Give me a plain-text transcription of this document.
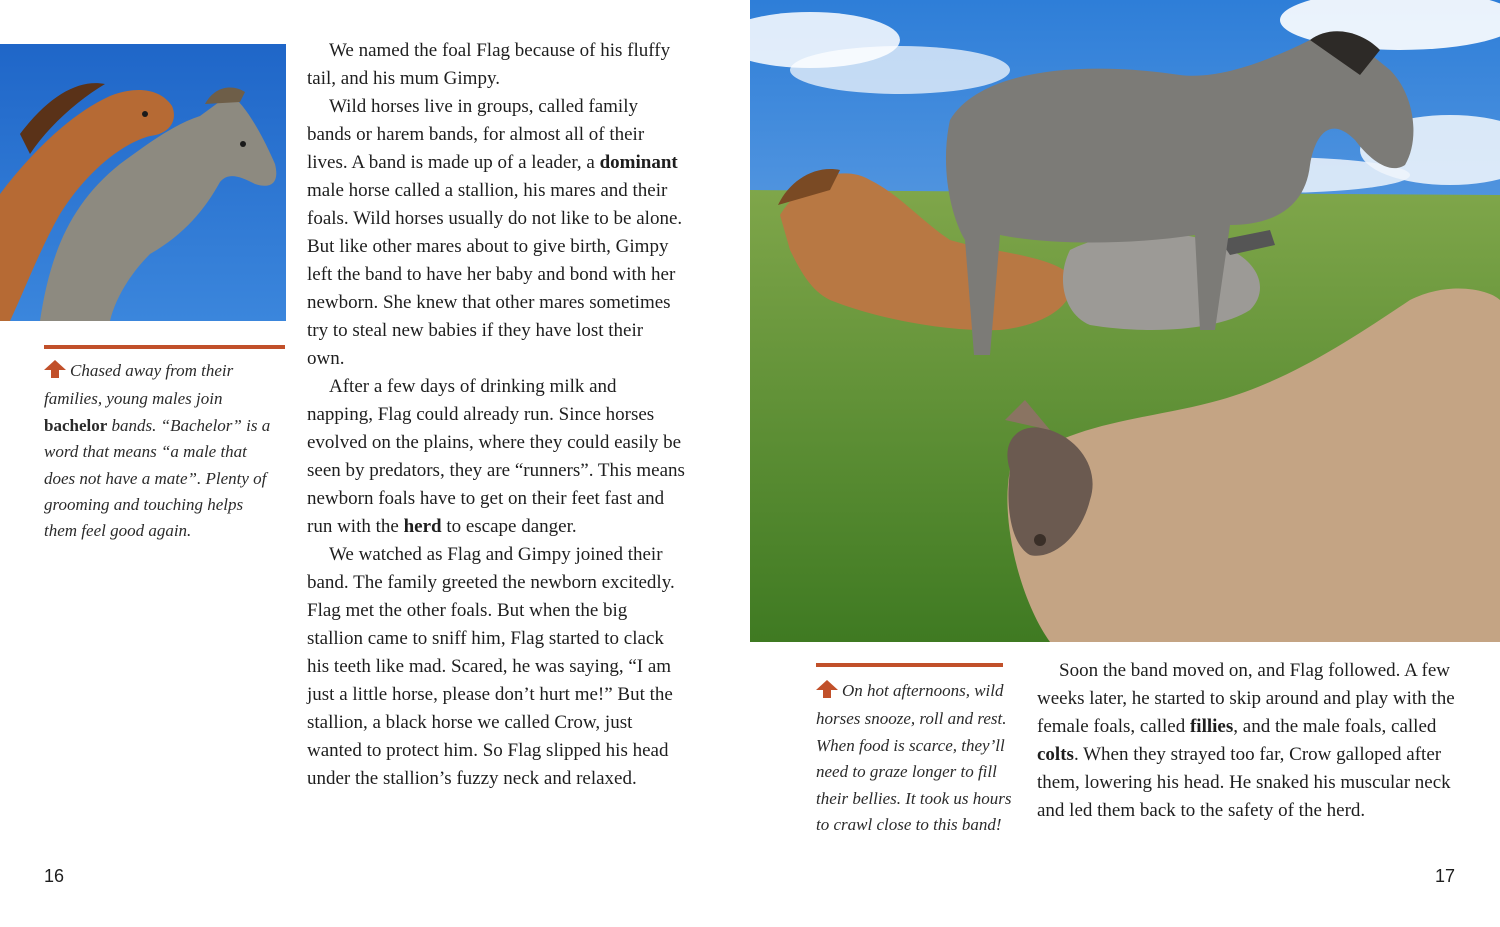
Chased away from their families, young males join bachelor bands. “Bachelor” is a word that means “a male that does not have a mate”. Plenty of grooming and touching helps them feel good again.

We named the foal Flag because of his fluffy tail, and his mum Gimpy.

Wild horses live in groups, called family bands or harem bands, for almost all of their lives. A band is made up of a leader, a dominant male horse called a stallion, his mares and their foals. Wild horses usually do not like to be alone. But like other mares about to give birth, Gimpy left the band to have her baby and bond with her newborn. She knew that other mares sometimes try to steal new babies if they have lost their own.

After a few days of drinking milk and napping, Flag could already run. Since horses evolved on the plains, where they could easily be seen by predators, they are “runners”. This means newborn foals have to get on their feet fast and run with the herd to escape danger.

We watched as Flag and Gimpy joined their band. The family greeted the newborn excitedly. Flag met the other foals. But when the big stallion came to sniff him, Flag started to clack his teeth like mad. Scared, he was saying, “I am just a little horse, please don’t hurt me!” But the stallion, a black horse we called Crow, just wanted to protect him. So Flag slipped his head under the stallion’s fuzzy neck and relaxed.

On hot afternoons, wild horses snooze, roll and rest. When food is scarce, they’ll need to graze longer to fill their bellies. It took us hours to crawl close to this band!

Soon the band moved on, and Flag followed. A few weeks later, he started to skip around and play with the female foals, called fillies, and the male foals, called colts. When they strayed too far, Crow galloped after them, lowering his head. He snaked his muscular neck and led them back to the safety of the herd.

16	17
